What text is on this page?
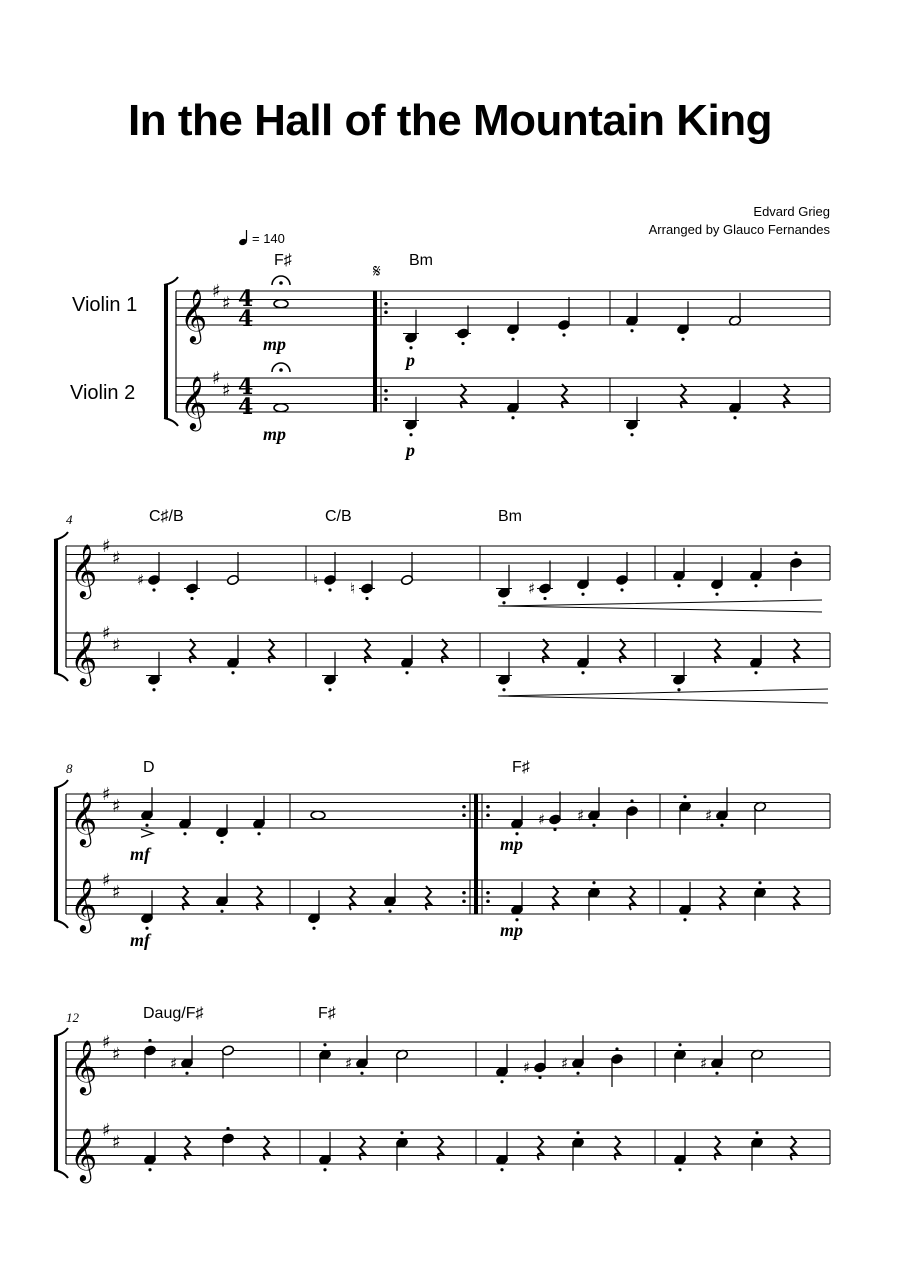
In the Hall of the Mountain King
Edvard Grieg
Arranged by Glauco Fernandes
= 140
Violin 1
Violin 2
𝄞 ♯
♯
𝄞 ♯
♯
𝄞 ♯
♯
𝄞 ♯
♯
𝄞 ♯
♯
𝄞 ♯
♯
𝄞 ♯
♯
𝄞 ♯
♯
♯	♮ ♮	♯
♯ ♯	♯
♯	♯	♯ ♯	♯
4
4
4
4
𝄋
F♯	Bm
C♯/B	C/B	Bm
D	F♯
Daug/F♯	F♯
4
8
12
mp
mp
p
p
mf
mf
mp
mp
